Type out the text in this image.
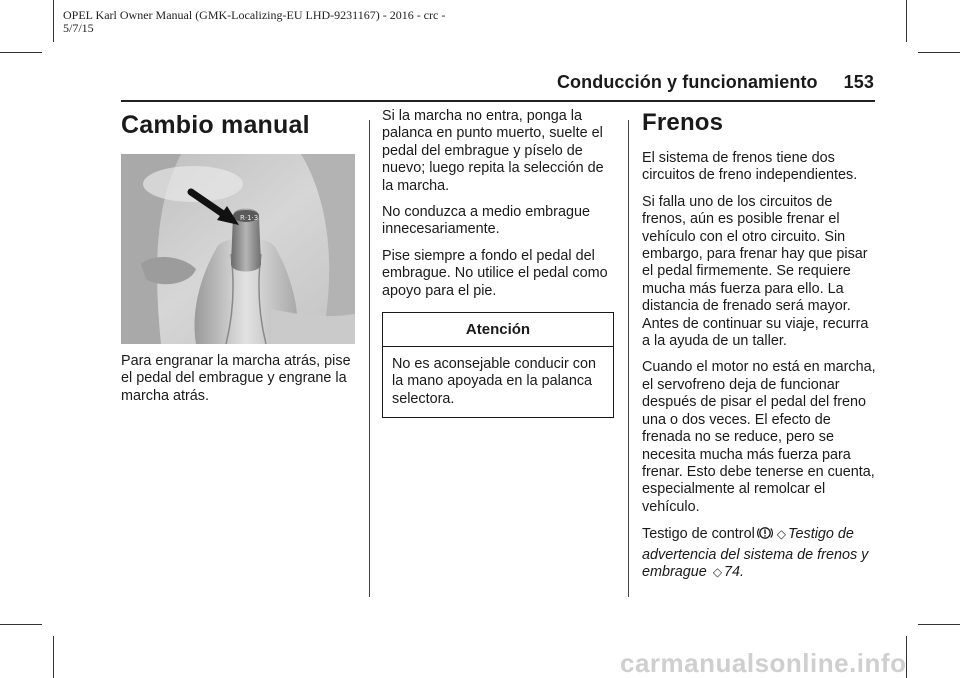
OPEL Karl Owner Manual (GMK-Localizing-EU LHD-9231167) - 2016 - crc -
5/7/15
Conducción y funcionamiento 153
Cambio manual
R·1·3

Para engranar la marcha atrás, pise el pedal del embrague y engrane la marcha atrás.

Si la marcha no entra, ponga la palanca en punto muerto, suelte el pedal del embrague y píselo de nuevo; luego repita la selección de la marcha.

No conduzca a medio embrague innecesariamente.

Pise siempre a fondo el pedal del embrague. No utilice el pedal como apoyo para el pie.

Atención
No es aconsejable conducir con la mano apoyada en la palanca selectora.
Frenos

El sistema de frenos tiene dos circuitos de freno independientes.

Si falla uno de los circuitos de frenos, aún es posible frenar el vehículo con el otro circuito. Sin embargo, para frenar hay que pisar el pedal firmemente. Se requiere mucha más fuerza para ello. La distancia de frenado será mayor. Antes de continuar su viaje, recurra a la ayuda de un taller.

Cuando el motor no está en marcha, el servofreno deja de funcionar después de pisar el pedal del freno una o dos veces. El efecto de frenada no se reduce, pero se necesita mucha más fuerza para frenar. Esto debe tenerse en cuenta, especialmente al remolcar el vehículo.

Testigo de control ◇ Testigo de advertencia del sistema de frenos y embrague ◇ 74.

carmanualsonline.info
